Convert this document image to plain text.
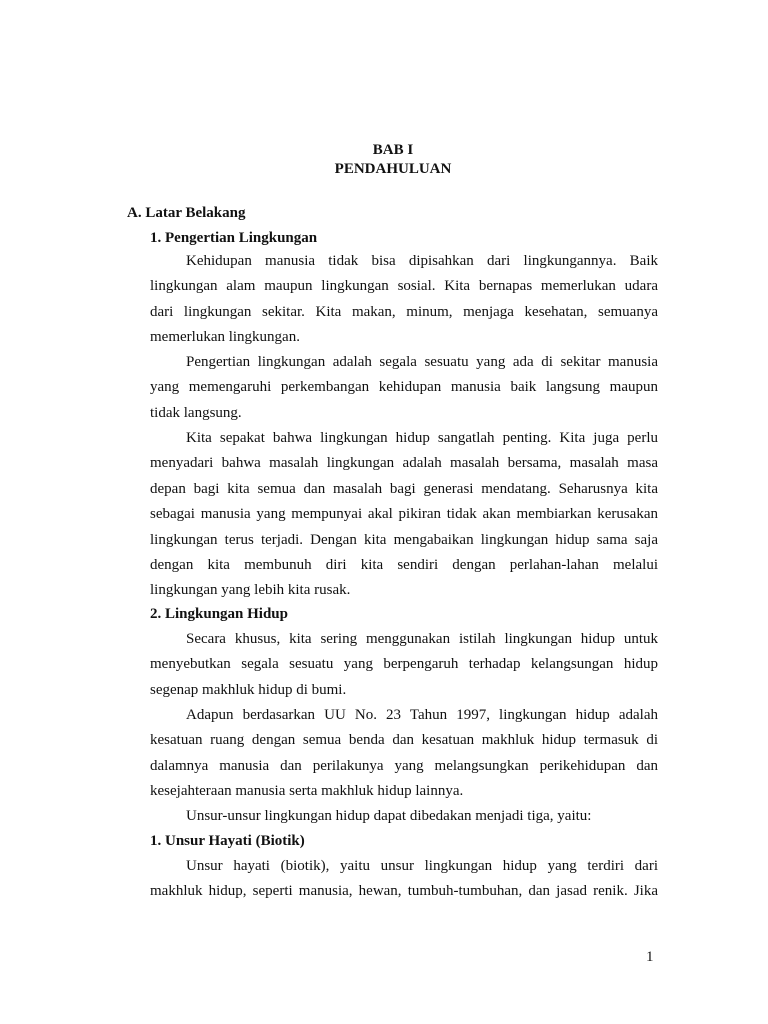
BAB I
PENDAHULUAN
A. Latar Belakang
1. Pengertian Lingkungan
Kehidupan manusia tidak bisa dipisahkan dari lingkungannya. Baik
lingkungan alam maupun lingkungan sosial. Kita bernapas memerlukan udara
dari lingkungan sekitar. Kita makan, minum, menjaga kesehatan, semuanya
memerlukan lingkungan.
Pengertian lingkungan adalah segala sesuatu yang ada di sekitar manusia
yang memengaruhi perkembangan kehidupan manusia baik langsung maupun
tidak langsung.
Kita sepakat bahwa lingkungan hidup sangatlah penting. Kita juga perlu
menyadari bahwa masalah lingkungan adalah masalah bersama, masalah masa
depan bagi kita semua dan masalah bagi generasi mendatang. Seharusnya kita
sebagai manusia yang mempunyai akal pikiran tidak akan membiarkan kerusakan
lingkungan terus terjadi. Dengan kita mengabaikan lingkungan hidup sama saja
dengan kita membunuh diri kita sendiri dengan perlahan-lahan melalui
lingkungan yang lebih kita rusak.
2. Lingkungan Hidup
Secara khusus, kita sering menggunakan istilah lingkungan hidup untuk
menyebutkan segala sesuatu yang berpengaruh terhadap kelangsungan hidup
segenap makhluk hidup di bumi.
Adapun berdasarkan UU No. 23 Tahun 1997, lingkungan hidup adalah
kesatuan ruang dengan semua benda dan kesatuan makhluk hidup termasuk di
dalamnya manusia dan perilakunya yang melangsungkan perikehidupan dan
kesejahteraan manusia serta makhluk hidup lainnya.
Unsur-unsur lingkungan hidup dapat dibedakan menjadi tiga, yaitu:
1. Unsur Hayati (Biotik)
Unsur hayati (biotik), yaitu unsur lingkungan hidup yang terdiri dari
makhluk hidup, seperti manusia, hewan, tumbuh-tumbuhan, dan jasad renik. Jika
1
